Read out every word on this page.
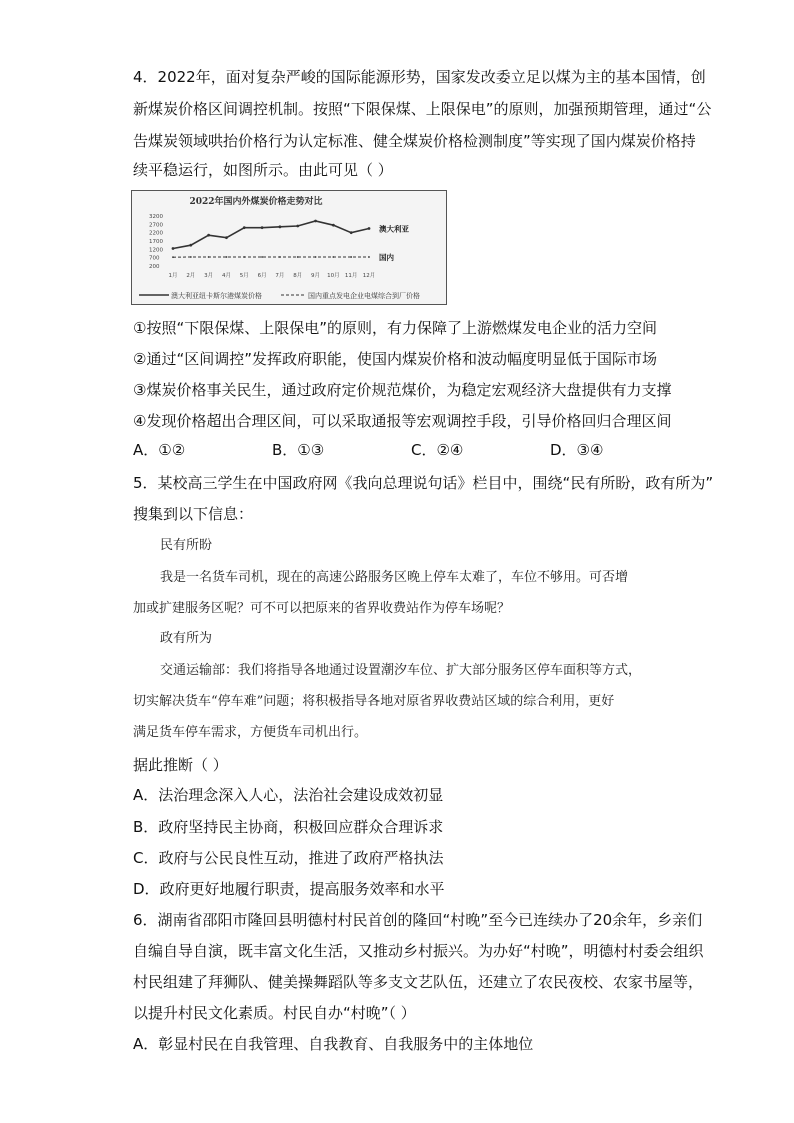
4．2022年，面对复杂严峻的国际能源形势，国家发改委立足以煤为主的基本国情，创
新煤炭价格区间调控机制。按照“下限保煤、上限保电”的原则，加强预期管理，通过“公
告煤炭领域哄抬价格行为认定标准、健全煤炭价格检测制度”等实现了国内煤炭价格持
续平稳运行，如图所示。由此可见（ ）
2022年国内外煤炭价格走势对比
3200
2700
2200
1700
1200
700
200
1月 2月 3月 4月 5月 6月 7月 8月 9月 10月 11月 12月
澳大利亚
国内
澳大利亚纽卡斯尔港煤炭价格	国内重点发电企业电煤综合到厂价格
①按照“下限保煤、上限保电”的原则，有力保障了上游燃煤发电企业的活力空间
②通过“区间调控”发挥政府职能，使国内煤炭价格和波动幅度明显低于国际市场
③煤炭价格事关民生，通过政府定价规范煤价，为稳定宏观经济大盘提供有力支撑
④发现价格超出合理区间，可以采取通报等宏观调控手段，引导价格回归合理区间
A．①②	B．①③	C．②④	D．③④
5．某校高三学生在中国政府网《我向总理说句话》栏目中，围绕“民有所盼，政有所为”
搜集到以下信息：
民有所盼
我是一名货车司机，现在的高速公路服务区晚上停车太难了，车位不够用。可否增
加或扩建服务区呢？可不可以把原来的省界收费站作为停车场呢？
政有所为
交通运输部：我们将指导各地通过设置潮汐车位、扩大部分服务区停车面积等方式，
切实解决货车“停车难”问题；将积极指导各地对原省界收费站区域的综合利用，更好
满足货车停车需求，方便货车司机出行。
据此推断（ ）
A．法治理念深入人心，法治社会建设成效初显
B．政府坚持民主协商，积极回应群众合理诉求
C．政府与公民良性互动，推进了政府严格执法
D．政府更好地履行职责，提高服务效率和水平
6．湖南省邵阳市隆回县明德村村民首创的隆回“村晚”至今已连续办了20余年，乡亲们
自编自导自演，既丰富文化生活，又推动乡村振兴。为办好“村晚”，明德村村委会组织
村民组建了拜狮队、健美操舞蹈队等多支文艺队伍，还建立了农民夜校、农家书屋等，
以提升村民文化素质。村民自办“村晚”（ ）
A．彰显村民在自我管理、自我教育、自我服务中的主体地位
